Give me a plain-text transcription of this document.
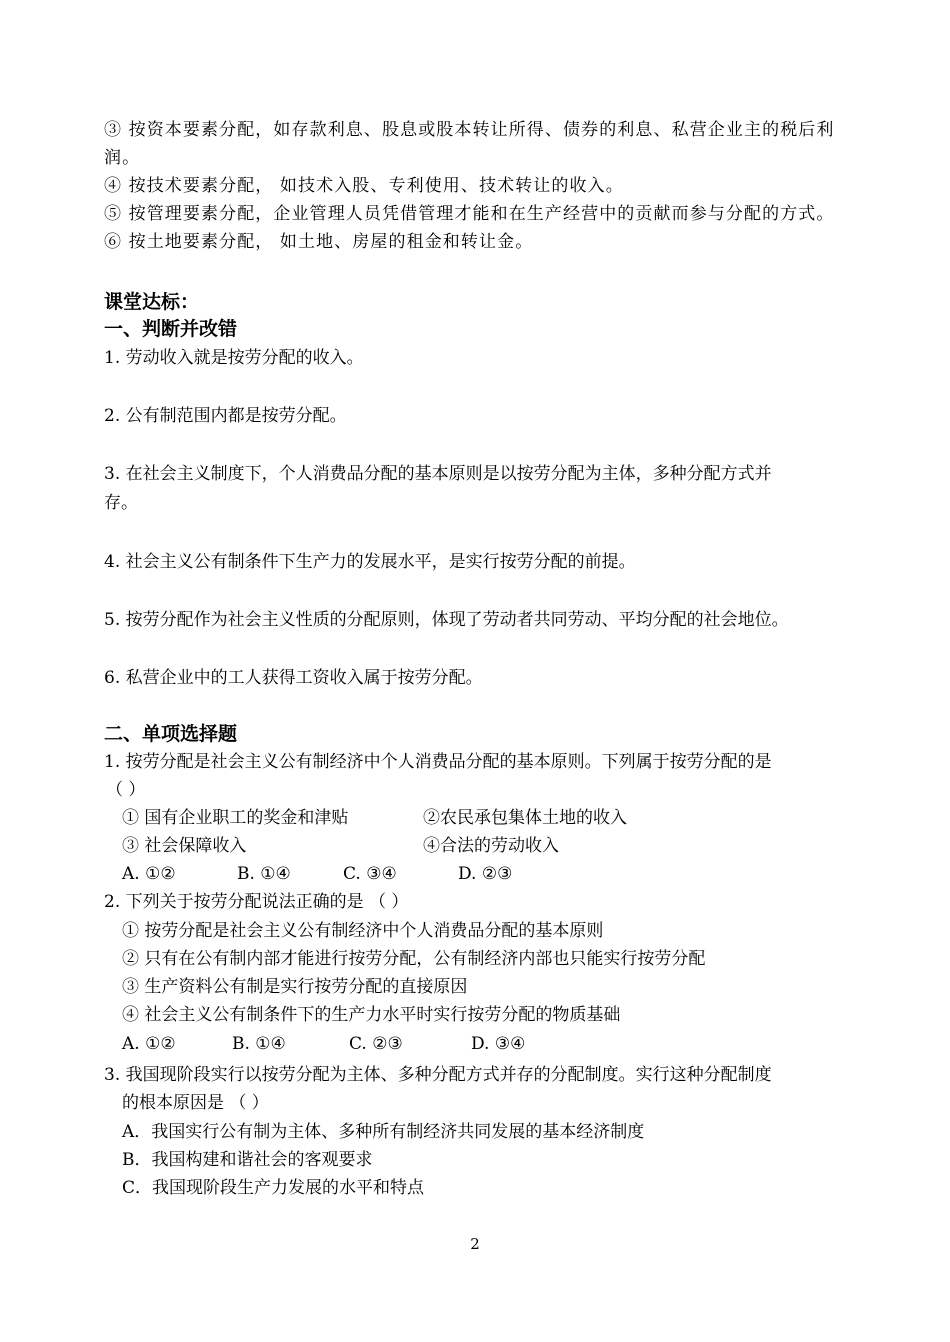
③ 按资本要素分配，如存款利息、股息或股本转让所得、债券的利息、私营企业主的税后利
润。
④ 按技术要素分配， 如技术入股、专利使用、技术转让的收入。
⑤ 按管理要素分配，企业管理人员凭借管理才能和在生产经营中的贡献而参与分配的方式。
⑥ 按土地要素分配， 如土地、房屋的租金和转让金。
课堂达标：
一、判断并改错
1. 劳动收入就是按劳分配的收入。
2. 公有制范围内都是按劳分配。
3. 在社会主义制度下，个人消费品分配的基本原则是以按劳分配为主体，多种分配方式并
存。
4. 社会主义公有制条件下生产力的发展水平，是实行按劳分配的前提。
5. 按劳分配作为社会主义性质的分配原则，体现了劳动者共同劳动、平均分配的社会地位。
6. 私营企业中的工人获得工资收入属于按劳分配。
二、单项选择题
1. 按劳分配是社会主义公有制经济中个人消费品分配的基本原则。下列属于按劳分配的是
（ ）
① 国有企业职工的奖金和津贴	②农民承包集体土地的收入
③ 社会保障收入	④合法的劳动收入
A. ①②	B. ①④	C. ③④	D. ②③
2. 下列关于按劳分配说法正确的是 （ ）
① 按劳分配是社会主义公有制经济中个人消费品分配的基本原则
② 只有在公有制内部才能进行按劳分配，公有制经济内部也只能实行按劳分配
③ 生产资料公有制是实行按劳分配的直接原因
④ 社会主义公有制条件下的生产力水平时实行按劳分配的物质基础
A. ①②	B. ①④	C. ②③	D. ③④
3. 我国现阶段实行以按劳分配为主体、多种分配方式并存的分配制度。实行这种分配制度
的根本原因是 （ ）
A．我国实行公有制为主体、多种所有制经济共同发展的基本经济制度
B．我国构建和谐社会的客观要求
C．我国现阶段生产力发展的水平和特点
2
